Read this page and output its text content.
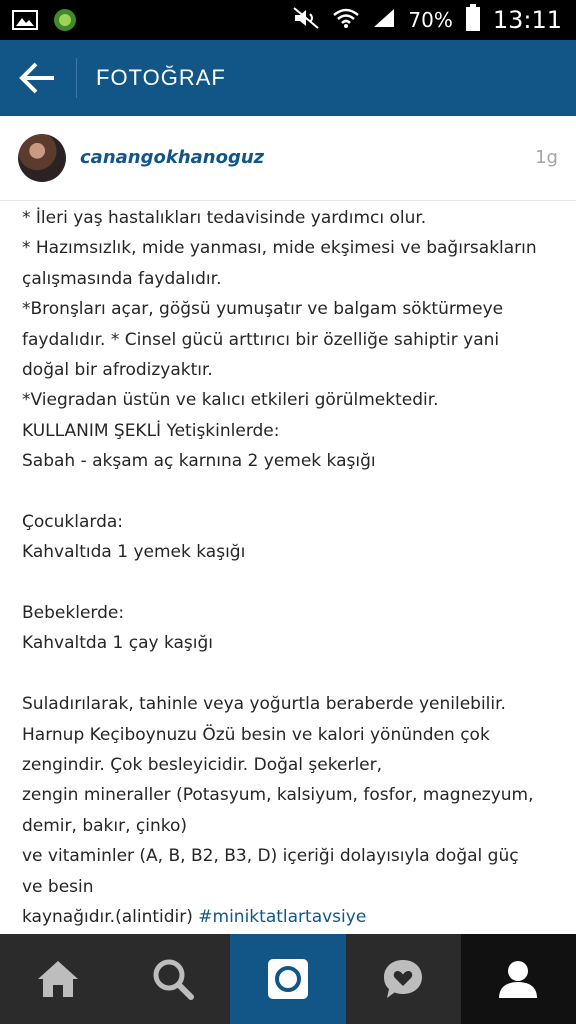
70% 13:11
FOTOĞRAF
canangokhanoguz	1g
* İleri yaş hastalıkları tedavisinde yardımcı olur.
* Hazımsızlık, mide yanması, mide ekşimesi ve bağırsakların
çalışmasında faydalıdır.
*Bronşları açar, göğsü yumuşatır ve balgam söktürmeye
faydalıdır. * Cinsel gücü arttırıcı bir özelliğe sahiptir yani
doğal bir afrodizyaktır.
*Viegradan üstün ve kalıcı etkileri görülmektedir.
KULLANIM ŞEKLİ Yetişkinlerde:
Sabah - akşam aç karnına 2 yemek kaşığı
Çocuklarda:
Kahvaltıda 1 yemek kaşığı
Bebeklerde:
Kahvaltda 1 çay kaşığı
Suladırılarak, tahinle veya yoğurtla beraberde yenilebilir.
Harnup Keçiboynuzu Özü besin ve kalori yönünden çok
zengindir. Çok besleyicidir. Doğal şekerler,
zengin mineraller (Potasyum, kalsiyum, fosfor, magnezyum,
demir, bakır, çinko)
ve vitaminler (A, B, B2, B3, D) içeriği dolayısıyla doğal güç
ve besin
kaynağıdır.(alintidir) #miniktatlartavsiye
